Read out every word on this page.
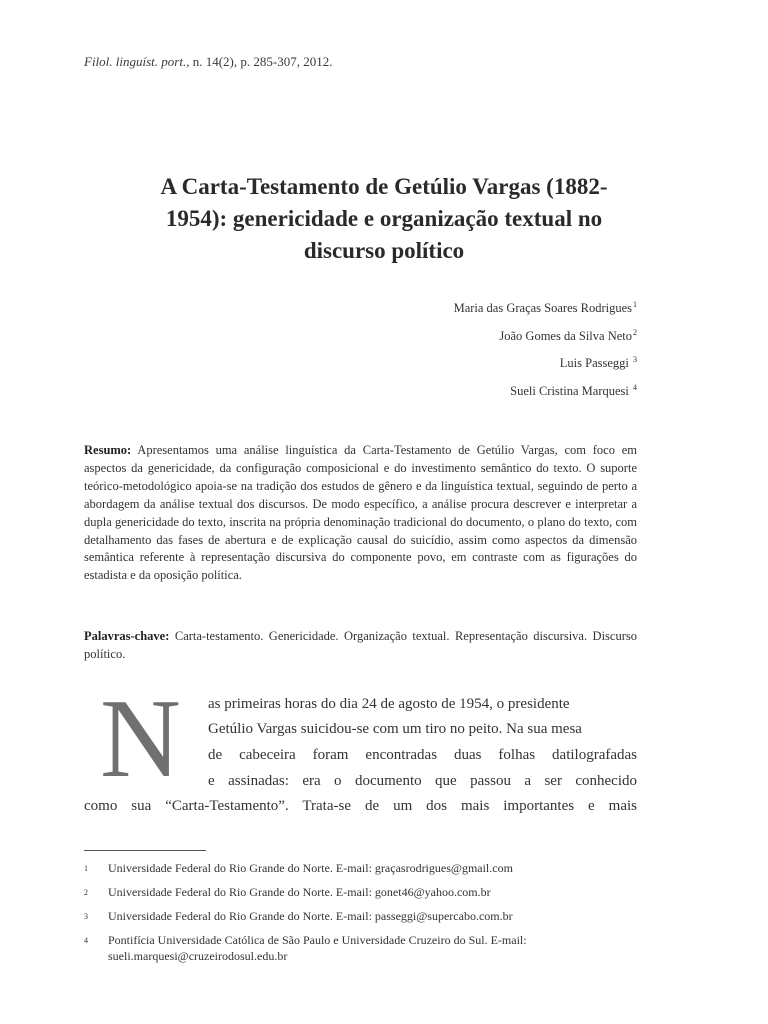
Filol. linguíst. port., n. 14(2), p. 285-307, 2012.
A Carta-Testamento de Getúlio Vargas (1882-
1954): genericidade e organização textual no
discurso político
Maria das Graças Soares Rodrigues$^1$
João Gomes da Silva Neto$^2$
Luis Passeggi $^3$
Sueli Cristina Marquesi $^4$
Resumo: Apresentamos uma análise linguística da Carta-Testamento de Getúlio Vargas, com foco em aspectos da genericidade, da configuração composicional e do investimento semântico do texto. O suporte teórico-metodológico apoia-se na tradição dos estudos de gênero e da linguística textual, seguindo de perto a abordagem da análise textual dos discursos. De modo específico, a análise procura descrever e interpretar a dupla genericidade do texto, inscrita na própria denominação tradicional do documento, o plano do texto, com detalhamento das fases de abertura e de explicação causal do suicídio, assim como aspectos da dimensão semântica referente à representação discursiva do componente povo, em contraste com as figurações do estadista e da oposição política.
Palavras-chave: Carta-testamento. Genericidade. Organização textual. Representação discursiva. Discurso político.
N as primeiras horas do dia 24 de agosto de 1954, o presidente
Getúlio Vargas suicidou-se com um tiro no peito. Na sua mesa
de cabeceira foram encontradas duas folhas datilografadas
e assinadas: era o documento que passou a ser conhecido
como sua “Carta-Testamento”. Trata-se de um dos mais importantes e mais
1	Universidade Federal do Rio Grande do Norte. E-mail: graçasrodrigues@gmail.com
2	Universidade Federal do Rio Grande do Norte. E-mail: gonet46@yahoo.com.br
3	Universidade Federal do Rio Grande do Norte. E-mail: passeggi@supercabo.com.br
4	Pontifícia Universidade Católica de São Paulo e Universidade Cruzeiro do Sul. E-mail: sueli.marquesi@cruzeirodosul.edu.br
